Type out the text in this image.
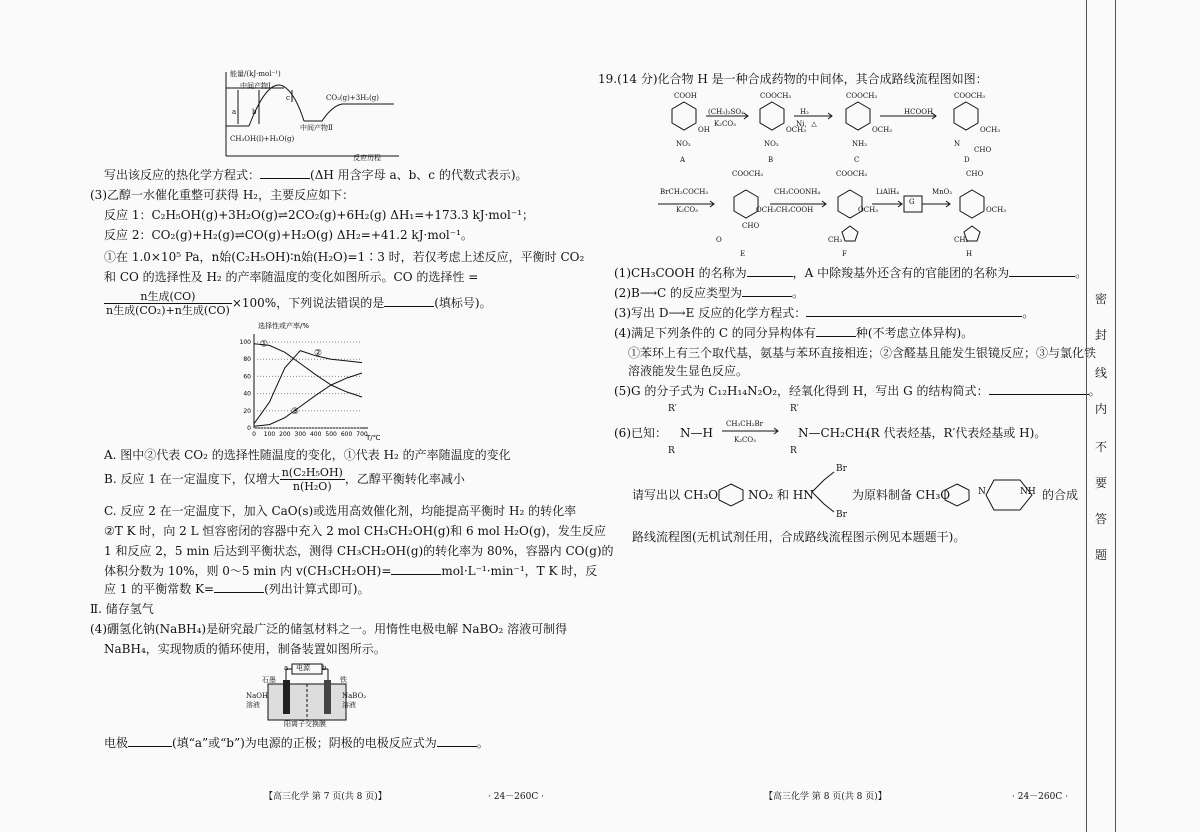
能量/(kJ·mol⁻¹)
中间产物Ⅰ
CO₂(g)+3H₂(g)
CH₃OH(l)+H₂O(g)
中间产物Ⅱ
反应历程
a b
c
写出该反应的热化学方程式：	(ΔH 用含字母 a、b、c 的代数式表示)。
(3)乙醇一水催化重整可获得 H₂，主要反应如下：
反应 1：C₂H₅OH(g)+3H₂O(g)⇌2CO₂(g)+6H₂(g) ΔH₁=+173.3 kJ·mol⁻¹；
反应 2：CO₂(g)+H₂(g)⇌CO(g)+H₂O(g) ΔH₂=+41.2 kJ·mol⁻¹。
①在 1.0×10⁵ Pa，n始(C₂H₅OH)∶n始(H₂O)=1∶3 时，若仅考虑上述反应，平衡时 CO₂
和 CO 的选择性及 H₂ 的产率随温度的变化如图所示。CO 的选择性 =
$\frac{\text{n生成(CO)}}{\text{n生成(CO₂)+n生成(CO)}} \times 100\%$，下列说法错误的是	(填标号)。
选择性或产率/%
T/℃
0
20
40
60
80
100
0 100 200 300 400 500 600 700
①
②
③
A. 图中②代表 CO₂ 的选择性随温度的变化，①代表 H₂ 的产率随温度的变化
B. 反应 1 在一定温度下，仅增大 $\frac{\text{n(C₂H₅OH)}}{\text{n(H₂O)}}$ ，乙醇平衡转化率减小
C. 反应 2 在一定温度下，加入 CaO(s)或选用高效催化剂，均能提高平衡时 H₂ 的转化率
②T K 时，向 2 L 恒容密闭的容器中充入 2 mol CH₃CH₂OH(g)和 6 mol H₂O(g)，发生反应
1 和反应 2，5 min 后达到平衡状态，测得 CH₃CH₂OH(g)的转化率为 80%，容器内 CO(g)的
体积分数为 10%，则 0～5 min 内 v(CH₃CH₂OH)=	mol·L⁻¹·min⁻¹，T K 时，反
应 1 的平衡常数 K=	(列出计算式即可)。
Ⅱ. 储存氢气
(4)硼氢化钠(NaBH₄)是研究最广泛的储氢材料之一。用惰性电极电解 NaBO₂ 溶液可制得
NaBH₄，实现物质的循环使用，制备装置如图所示。
电源
石墨	铁
a	b
NaOH
溶液
NaBO₂
溶液
阳离子交换膜
电极	(填“a”或“b”)为电源的正极；阴极的电极反应式为	。
【高三化学 第 7 页(共 8 页)】	· 24－260C ·
19.(14 分)化合物 H 是一种合成药物的中间体，其合成路线流程图如图：
COOH
OH
NO₂
A
(CH₃)₂SO₄
K₂CO₃
COOCH₃
OCH₃
NO₂
B
H₂
Ni，△
COOCH₃
OCH₃
NH₂
C
HCOOH
COOCH₃
OCH₃
N
CHO
D
BrCH₂COCH₃
K₂CO₃
COOCH₃
OCH₃
CHO
O
E
CH₃COONH₄
CH₃COOH
COOCH₃
OCH₃
CH₃
F
LiAlH₄
G
MnO₂
CHO
OCH₃
CH₃
H
(1)CH₃COOH 的名称为	，A 中除羧基外还含有的官能团的名称为	。
(2)B⟶C 的反应类型为	。
(3)写出 D⟶E 反应的化学方程式：	。
(4)满足下列条件的 C 的同分异构体有	种(不考虑立体异构)。
①苯环上有三个取代基，氨基与苯环直接相连；②含醛基且能发生银镜反应；③与氯化铁
溶液能发生显色反应。
(5)G 的分子式为 C₁₂H₁₄N₂O₂，经氧化得到 H，写出 G 的结构简式：	。
(6)已知：
R′
R
N—H
CH₃CH₂Br
K₂CO₃
R′
R
N—CH₂CH₃
(R 代表烃基，R′代表烃基或 H)。
请写出以 CH₃O NO₂ 和 HN
Br
Br
为原料制备 CH₃O	N	NH 的合成
路线流程图(无机试剂任用，合成路线流程图示例见本题题干)。
【高三化学 第 8 页(共 8 页)】	· 24－260C ·
密
封
线
内
不
要
答
题
